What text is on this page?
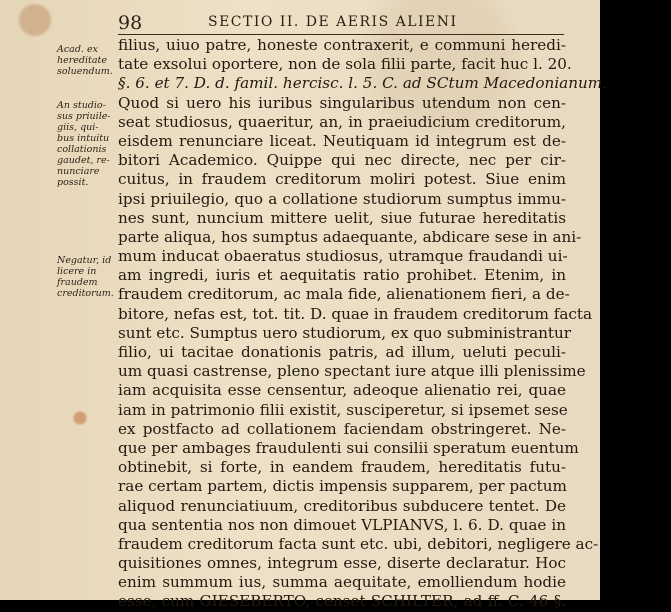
98	SECTIO II. DE AERIS ALIENI
Acad. ex
hereditate
soluendum.
An studio-
sus priuile-
giis, qui-
bus intuitu
collationis
gaudet, re-
nunciare
possit.
Negatur, id
licere in
fraudem
creditorum.
filius, uiuo patre, honeste contraxerit, e communi heredi-
tate exsolui oportere, non de sola filii parte, facit huc l. 20.
§. 6. et 7. D. d. famil. hercisc. l. 5. C. ad SCtum Macedonianum.
Quod si uero his iuribus singularibus utendum non cen-
seat studiosus, quaeritur, an, in praeiudicium creditorum,
eisdem renunciare liceat. Neutiquam id integrum est de-
bitori Academico. Quippe qui nec directe, nec per cir-
cuitus, in fraudem creditorum moliri potest. Siue enim
ipsi priuilegio, quo a collatione studiorum sumptus immu-
nes sunt, nuncium mittere uelit, siue futurae hereditatis
parte aliqua, hos sumptus adaequante, abdicare sese in ani-
mum inducat obaeratus studiosus, utramque fraudandi ui-
am ingredi, iuris et aequitatis ratio prohibet. Etenim, in
fraudem creditorum, ac mala fide, alienationem fieri, a de-
bitore, nefas est, tot. tit. D. quae in fraudem creditorum facta
sunt etc. Sumptus uero studiorum, ex quo subministrantur
filio, ui tacitae donationis patris, ad illum, ueluti peculi-
um quasi castrense, pleno spectant iure atque illi plenissime
iam acquisita esse censentur, adeoque alienatio rei, quae
iam in patrimonio filii existit, susciperetur, si ipsemet sese
ex postfacto ad collationem faciendam obstringeret. Ne-
que per ambages fraudulenti sui consilii speratum euentum
obtinebit, si forte, in eandem fraudem, hereditatis futu-
rae certam partem, dictis impensis supparem, per pactum
aliquod renunciatiuum, creditoribus subducere tentet. De
qua sententia nos non dimouet VLPIANVS, l. 6. D. quae in
fraudem creditorum facta sunt etc. ubi, debitori, negligere ac-
quisitiones omnes, integrum esse, diserte declaratur. Hoc
enim summum ius, summa aequitate, emolliendum hodie
esse, cum GIESEBERTO, censet SCHILTER, ad ff. C. 46 §.
